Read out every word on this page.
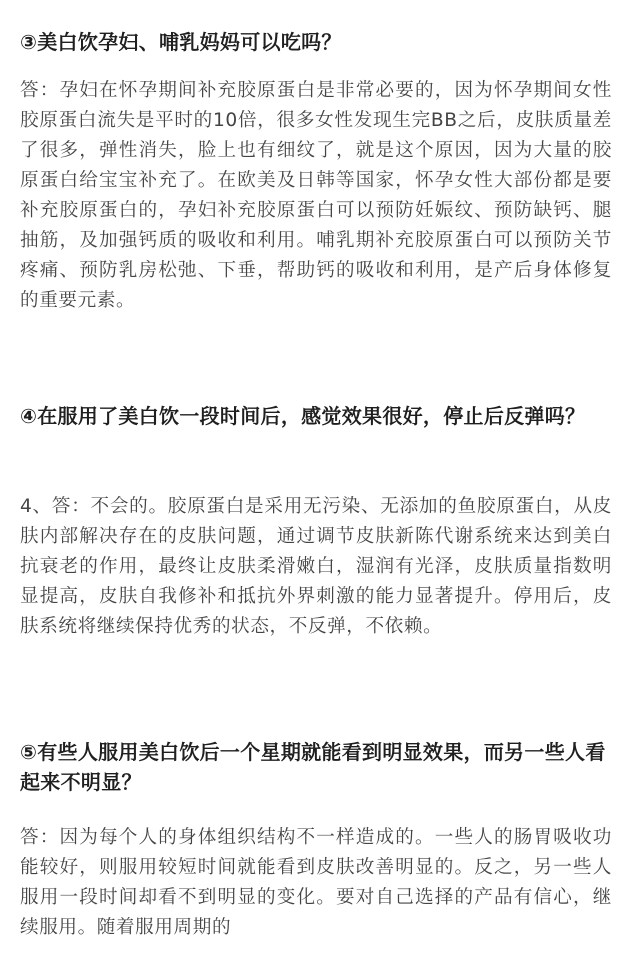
③美白饮孕妇、哺乳妈妈可以吃吗？

答：孕妇在怀孕期间补充胶原蛋白是非常必要的，因为怀孕期间女性胶原蛋白流失是平时的10倍，很多女性发现生完BB之后，皮肤质量差了很多，弹性消失，脸上也有细纹了，就是这个原因，因为大量的胶原蛋白给宝宝补充了。在欧美及日韩等国家，怀孕女性大部份都是要补充胶原蛋白的，孕妇补充胶原蛋白可以预防妊娠纹、预防缺钙、腿抽筋，及加强钙质的吸收和利用。哺乳期补充胶原蛋白可以预防关节疼痛、预防乳房松弛、下垂，帮助钙的吸收和利用，是产后身体修复的重要元素。

④在服用了美白饮一段时间后，感觉效果很好，停止后反弹吗？

4、答：不会的。胶原蛋白是采用无污染、无添加的鱼胶原蛋白，从皮肤内部解决存在的皮肤问题，通过调节皮肤新陈代谢系统来达到美白抗衰老的作用，最终让皮肤柔滑嫩白，湿润有光泽，皮肤质量指数明显提高，皮肤自我修补和抵抗外界刺激的能力显著提升。停用后，皮肤系统将继续保持优秀的状态，不反弹，不依赖。

⑤有些人服用美白饮后一个星期就能看到明显效果，而另一些人看起来不明显？

答：因为每个人的身体组织结构不一样造成的。一些人的肠胃吸收功能较好，则服用较短时间就能看到皮肤改善明显的。反之，另一些人服用一段时间却看不到明显的变化。要对自己选择的产品有信心，继续服用。随着服用周期的
